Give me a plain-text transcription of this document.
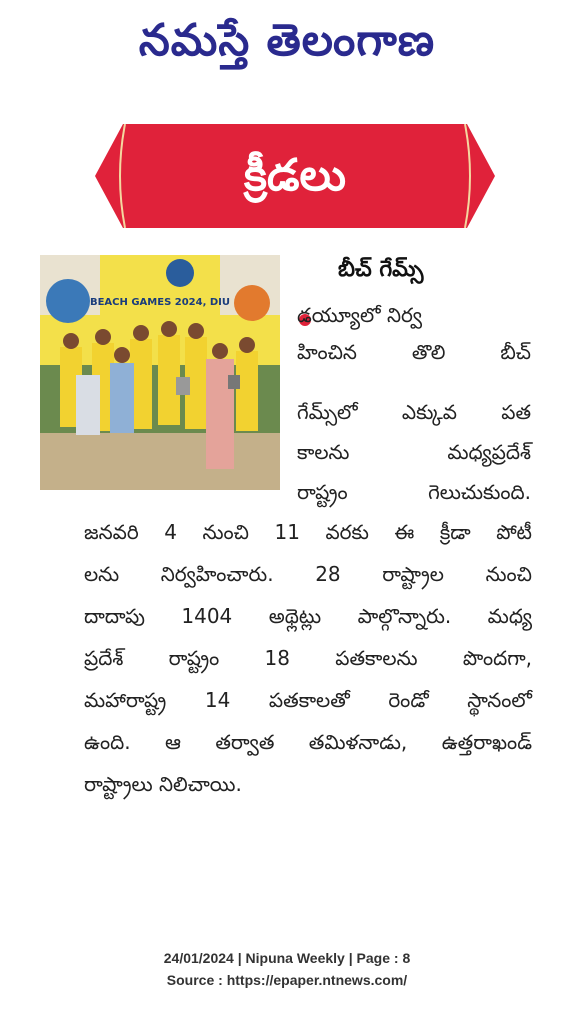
నమస్తే తెలంగాణ
క్రీడలు
BEACH GAMES 2024, DIU
బీచ్ గేమ్స్
డయ్యూలో నిర్వ
హించిన తొలి బీచ్
గేమ్స్‌లో ఎక్కువ పత
కాలను మధ్యప్రదేశ్
రాష్ట్రం గెలుచుకుంది.
జనవరి 4 నుంచి 11 వరకు ఈ క్రీడా పోటీ
లను నిర్వహించారు. 28 రాష్ట్రాల నుంచి
దాదాపు 1404 అథ్లెట్లు పాల్గొన్నారు. మధ్య
ప్రదేశ్ రాష్ట్రం 18 పతకాలను పొందగా,
మహారాష్ట్ర 14 పతకాలతో రెండో స్థానంలో
ఉంది. ఆ తర్వాత తమిళనాడు, ఉత్తరాఖండ్
రాష్ట్రాలు నిలిచాయి.
24/01/2024 | Nipuna Weekly | Page : 8
Source : https://epaper.ntnews.com/
